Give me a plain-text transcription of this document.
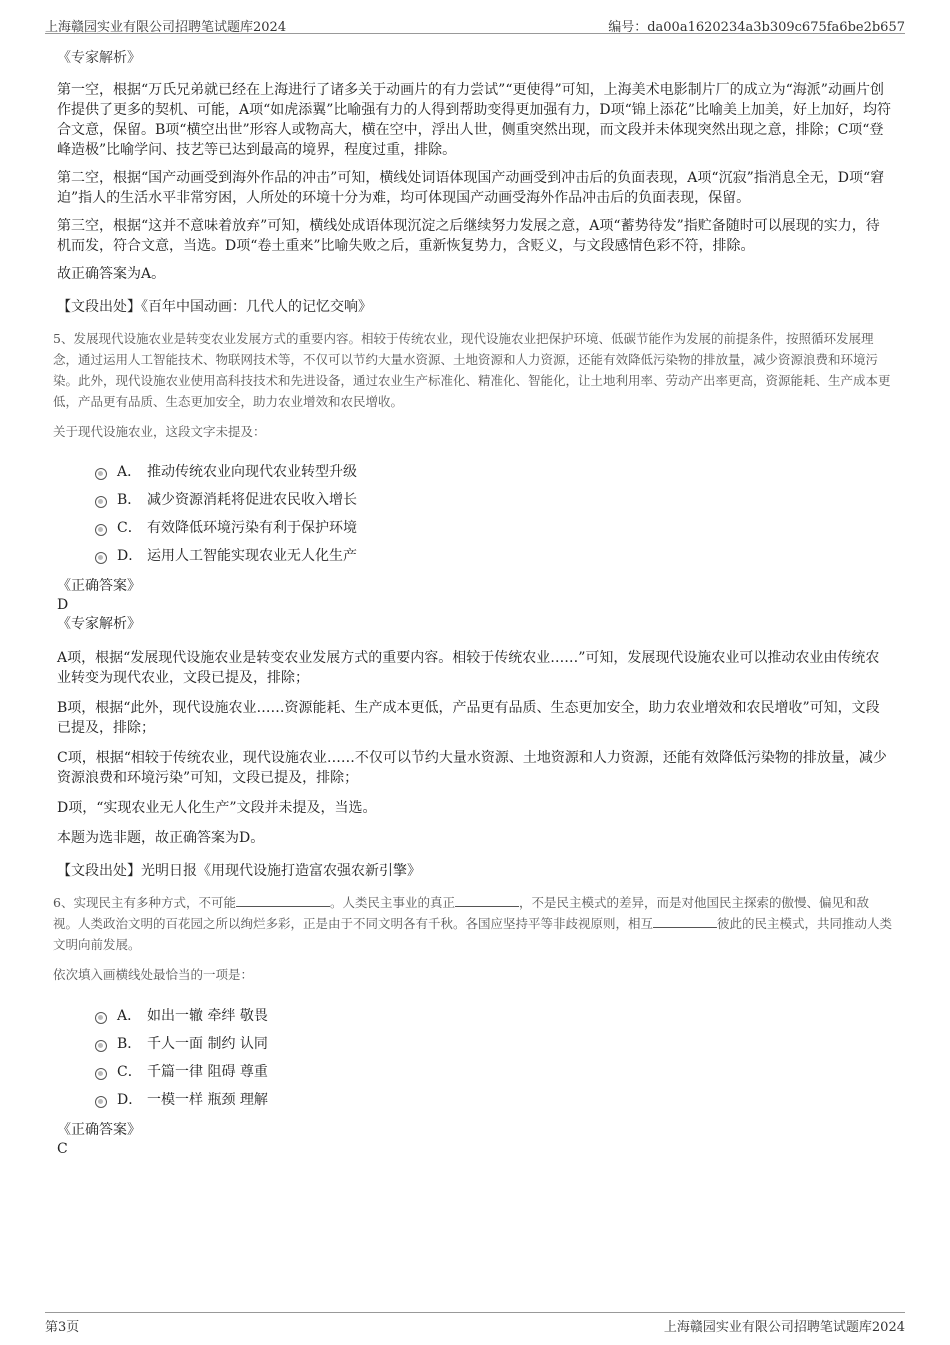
上海赣园实业有限公司招聘笔试题库2024	编号：da00a1620234a3b309c675fa6be2b657
《专家解析》
第一空，根据“万氏兄弟就已经在上海进行了诸多关于动画片的有力尝试”“更使得”可知，上海美术电影制片厂的成立为“海派”动画片创作提供了更多的契机、可能，A项“如虎添翼”比喻强有力的人得到帮助变得更加强有力，D项“锦上添花”比喻美上加美，好上加好，均符合文意，保留。B项“横空出世”形容人或物高大，横在空中，浮出人世，侧重突然出现，而文段并未体现突然出现之意，排除；C项“登峰造极”比喻学问、技艺等已达到最高的境界，程度过重，排除。
第二空，根据“国产动画受到海外作品的冲击”可知，横线处词语体现国产动画受到冲击后的负面表现，A项“沉寂”指消息全无，D项“窘迫”指人的生活水平非常穷困，人所处的环境十分为难，均可体现国产动画受海外作品冲击后的负面表现，保留。
第三空，根据“这并不意味着放弃”可知，横线处成语体现沉淀之后继续努力发展之意，A项“蓄势待发”指贮备随时可以展现的实力，待机而发，符合文意，当选。D项“卷土重来”比喻失败之后，重新恢复势力，含贬义，与文段感情色彩不符，排除。
故正确答案为A。
【文段出处】《百年中国动画：几代人的记忆交响》
5、发展现代设施农业是转变农业发展方式的重要内容。相较于传统农业，现代设施农业把保护环境、低碳节能作为发展的前提条件，按照循环发展理念，通过运用人工智能技术、物联网技术等，不仅可以节约大量水资源、土地资源和人力资源，还能有效降低污染物的排放量，减少资源浪费和环境污染。此外，现代设施农业使用高科技技术和先进设备，通过农业生产标准化、精准化、智能化，让土地利用率、劳动产出率更高，资源能耗、生产成本更低，产品更有品质、生态更加安全，助力农业增效和农民增收。
关于现代设施农业，这段文字未提及：
A． 推动传统农业向现代农业转型升级
B． 减少资源消耗将促进农民收入增长
C． 有效降低环境污染有利于保护环境
D． 运用人工智能实现农业无人化生产
《正确答案》
D
《专家解析》
A项，根据“发展现代设施农业是转变农业发展方式的重要内容。相较于传统农业……”可知，发展现代设施农业可以推动农业由传统农业转变为现代农业，文段已提及，排除；
B项，根据“此外，现代设施农业……资源能耗、生产成本更低，产品更有品质、生态更加安全，助力农业增效和农民增收”可知，文段已提及，排除；
C项，根据“相较于传统农业，现代设施农业……不仅可以节约大量水资源、土地资源和人力资源，还能有效降低污染物的排放量，减少资源浪费和环境污染”可知，文段已提及，排除；
D项，“实现农业无人化生产”文段并未提及，当选。
本题为选非题，故正确答案为D。
【文段出处】光明日报《用现代设施打造富农强农新引擎》
6、实现民主有多种方式，不可能	。人类民主事业的真正	，不是民主模式的差异，而是对他国民主探索的傲慢、偏见和敌视。人类政治文明的百花园之所以绚烂多彩，正是由于不同文明各有千秋。各国应坚持平等非歧视原则，相互	彼此的民主模式，共同推动人类文明向前发展。
依次填入画横线处最恰当的一项是：
A． 如出一辙 牵绊 敬畏
B． 千人一面 制约 认同
C． 千篇一律 阻碍 尊重
D． 一模一样 瓶颈 理解
《正确答案》
C
第3页	上海赣园实业有限公司招聘笔试题库2024
